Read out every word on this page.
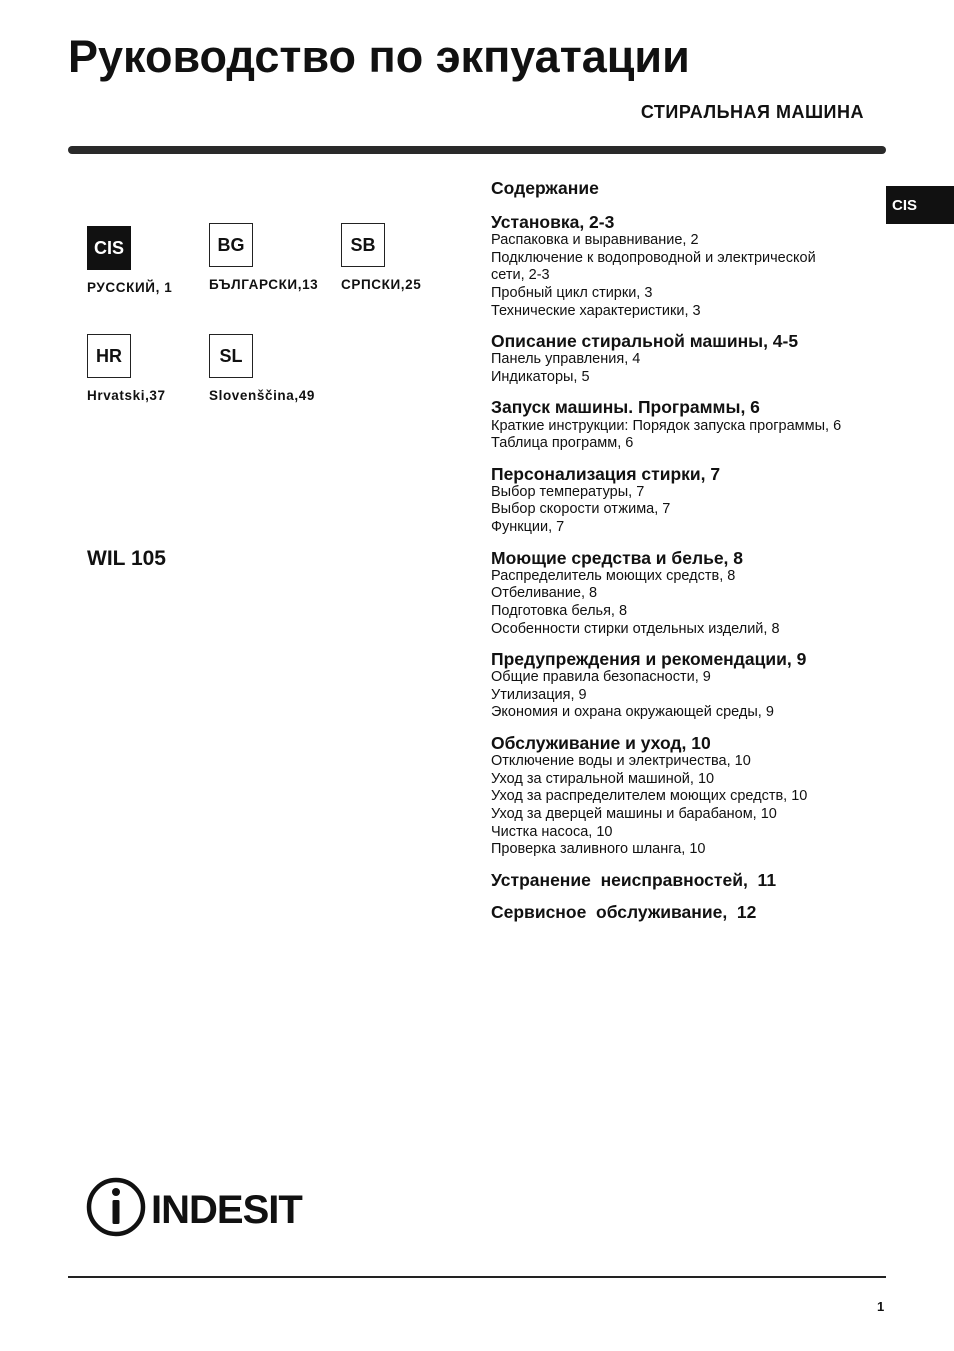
Руководство по экпуатации
СТИРАЛЬНАЯ МАШИНА
CIS
CIS
РУССКИЙ, 1
BG
БЪЛГАРСКИ,13
SB
СРПСКИ,25
HR
Hrvatski,37
SL
Slovenščina,49
WIL 105
Содержание
Установка, 2-3
Распаковка и выравнивание, 2
Подключение к водопроводной и электрической
сети, 2-3
Пробный цикл стирки, 3
Технические характеристики, 3
Описание стиральной машины, 4-5
Панель управления, 4
Индикаторы, 5
Запуск машины. Программы, 6
Краткие инструкции: Порядок запуска программы, 6
Таблица программ, 6
Персонализация стирки, 7
Выбор температуры, 7
Выбор скорости отжима, 7
Функции, 7
Моющие средства и белье, 8
Распределитель моющих средств, 8
Отбеливание, 8
Подготовка белья, 8
Особенности стирки отдельных изделий, 8
Предупреждения и рекомендации, 9
Общие правила безопасности, 9
Утилизация, 9
Экономия и охрана окружающей среды, 9
Обслуживание и уход, 10
Отключение воды и электричества, 10
Уход за стиральной машиной, 10
Уход за распределителем моющих средств, 10
Уход за дверцей машины и барабаном, 10
Чистка насоса, 10
Проверка заливного шланга, 10
Устранение  неисправностей,  11
Сервисное  обслуживание,  12
INDESIT
1
